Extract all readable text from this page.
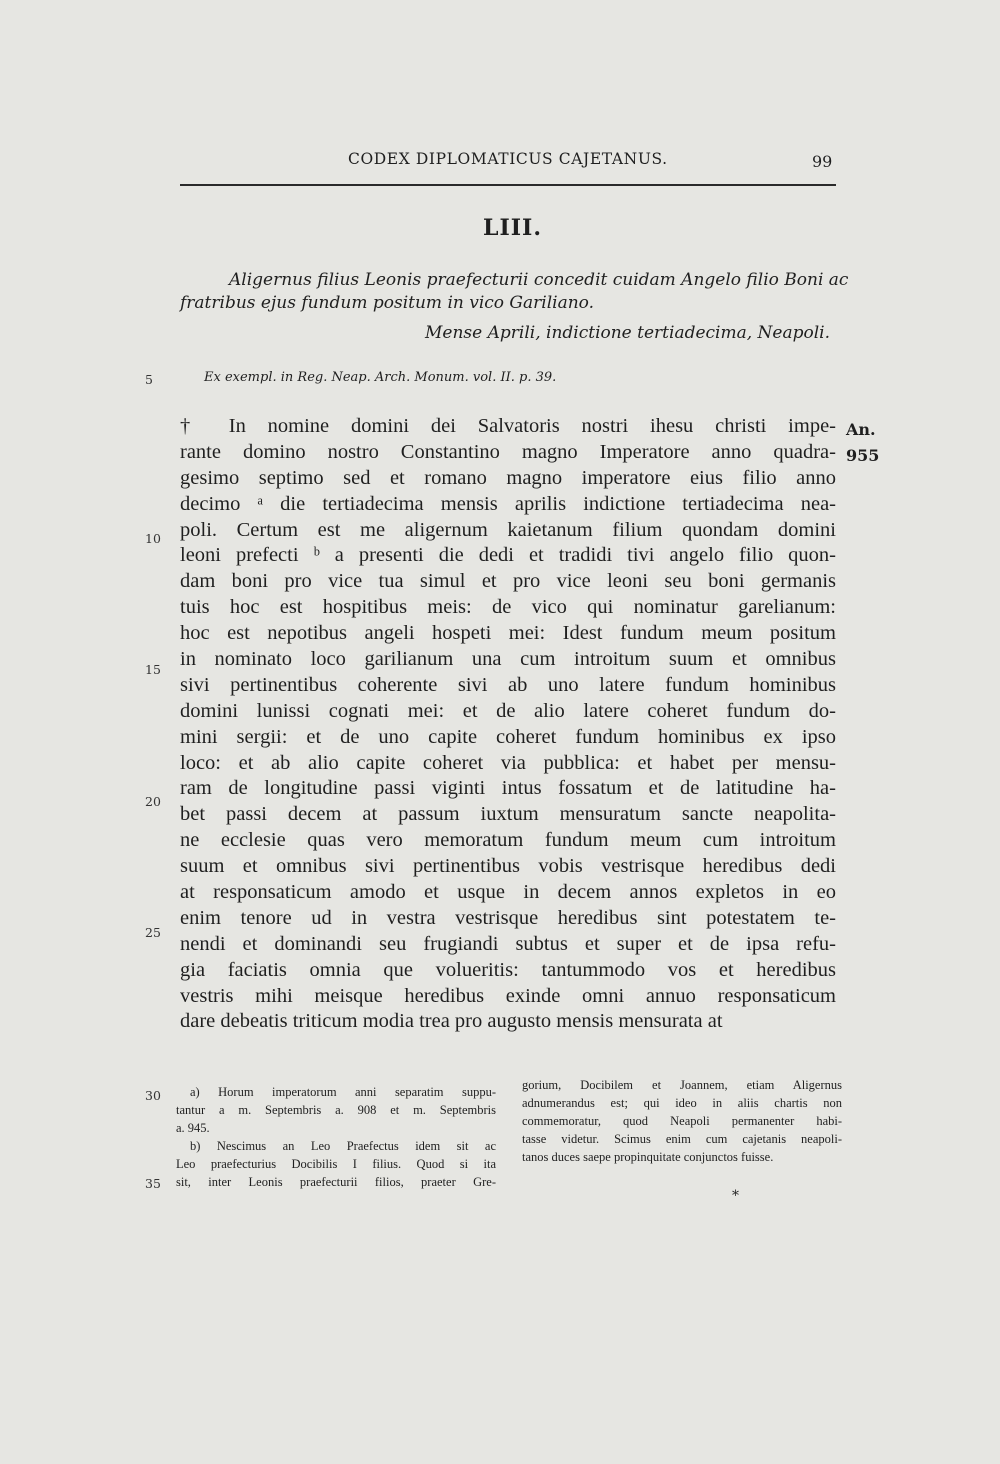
CODEX DIPLOMATICUS CAJETANUS.	99
LIII.
Aligernus filius Leonis praefecturii concedit cuidam Angelo filio Boni ac
fratribus ejus fundum positum in vico Gariliano.
Mense Aprili, indictione tertiadecima, Neapoli.
Ex exempl. in Reg. Neap. Arch. Monum. vol. II. p. 39.
An.
955
5
10
15
20
25
30
35
† In nomine domini dei Salvatoris nostri ihesu christi impe-
rante domino nostro Constantino magno Imperatore anno quadra-
gesimo septimo sed et romano magno imperatore eius filio anno
decimo ᵃ die tertiadecima mensis aprilis indictione tertiadecima nea-
poli. Certum est me aligernum kaietanum filium quondam domini
leoni prefecti ᵇ a presenti die dedi et tradidi tivi angelo filio quon-
dam boni pro vice tua simul et pro vice leoni seu boni germanis
tuis hoc est hospitibus meis: de vico qui nominatur garelianum:
hoc est nepotibus angeli hospeti mei: Idest fundum meum positum
in nominato loco garilianum una cum introitum suum et omnibus
sivi pertinentibus coherente sivi ab uno latere fundum hominibus
domini lunissi cognati mei: et de alio latere coheret fundum do-
mini sergii: et de uno capite coheret fundum hominibus ex ipso
loco: et ab alio capite coheret via pubblica: et habet per mensu-
ram de longitudine passi viginti intus fossatum et de latitudine ha-
bet passi decem at passum iuxtum mensuratum sancte neapolita-
ne ecclesie quas vero memoratum fundum meum cum introitum
suum et omnibus sivi pertinentibus vobis vestrisque heredibus dedi
at responsaticum amodo et usque in decem annos expletos in eo
enim tenore ud in vestra vestrisque heredibus sint potestatem te-
nendi et dominandi seu frugiandi subtus et super et de ipsa refu-
gia faciatis omnia que volueritis: tantummodo vos et heredibus
vestris mihi meisque heredibus exinde omni annuo responsaticum
dare debeatis triticum modia trea pro augusto mensis mensurata at
a) Horum imperatorum anni separatim suppu-
tantur a m. Septembris a. 908 et m. Septembris
a. 945.
b) Nescimus an Leo Praefectus idem sit ac
Leo praefecturius Docibilis I filius. Quod si ita
sit, inter Leonis praefecturii filios, praeter Gre-
gorium, Docibilem et Joannem, etiam Aligernus
adnumerandus est; qui ideo in aliis chartis non
commemoratur, quod Neapoli permanenter habi-
tasse videtur. Scimus enim cum cajetanis neapoli-
tanos duces saepe propinquitate conjunctos fuisse.
*
